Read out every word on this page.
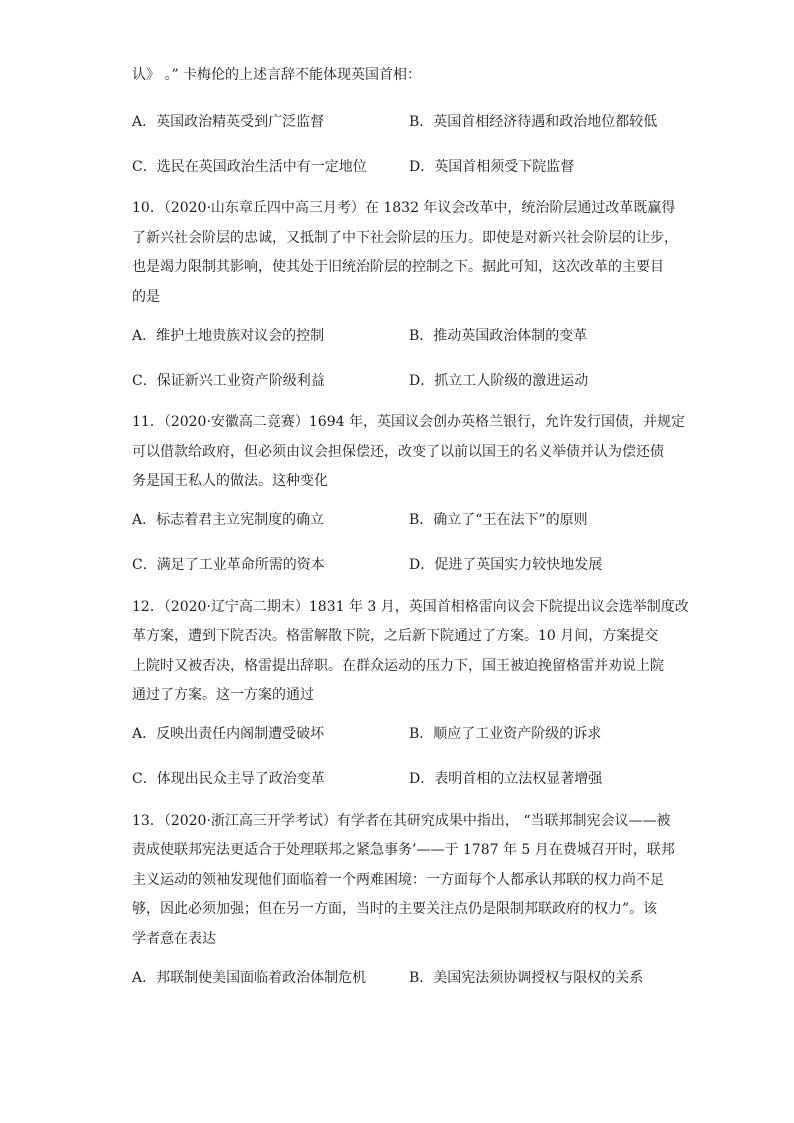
认》 。” 卡梅伦的上述言辞不能体现英国首相：

A．英国政治精英受到广泛监督	B．英国首相经济待遇和政治地位都较低
C．选民在英国政治生活中有一定地位	D．英国首相须受下院监督

10．（2020·山东章丘四中高三月考）在 1832 年议会改革中，统治阶层通过改革既赢得

了新兴社会阶层的忠诚，又抵制了中下社会阶层的压力。即使是对新兴社会阶层的让步，

也是竭力限制其影响，使其处于旧统治阶层的控制之下。据此可知，这次改革的主要目

的是

A．维护土地贵族对议会的控制	B．推动英国政治体制的变革
C．保证新兴工业资产阶级利益	D．抓立工人阶级的激进运动

11．（2020·安徽高二竞赛）1694 年，英国议会创办英格兰银行，允许发行国债，并规定

可以借款给政府，但必须由议会担保偿还，改变了以前以国王的名义举债并认为偿还债

务是国王私人的做法。这种变化

A．标志着君主立宪制度的确立	B．确立了“王在法下”的原则
C．满足了工业革命所需的资本	D．促进了英国实力较快地发展

12．（2020·辽宁高二期末）1831 年 3 月，英国首相格雷向议会下院提出议会选举制度改

革方案，遭到下院否决。格雷解散下院，之后新下院通过了方案。10 月间，方案提交

上院时又被否决，格雷提出辞职。在群众运动的压力下，国王被迫挽留格雷并劝说上院

通过了方案。这一方案的通过

A．反映出责任内阁制遭受破坏	B．顺应了工业资产阶级的诉求
C．体现出民众主导了政治变革	D．表明首相的立法权显著增强

13．（2020·浙江高三开学考试）有学者在其研究成果中指出， “当联邦制宪会议——被

责成使联邦宪法更适合于处理联邦之紧急事务’——于 1787 年 5 月在费城召开时，联邦

主义运动的领袖发现他们面临着一个两难困境：一方面每个人都承认邦联的权力尚不足

够，因此必须加强；但在另一方面，当时的主要关注点仍是限制邦联政府的权力”。该

学者意在表达

A．邦联制使美国面临着政治体制危机	B．美国宪法须协调授权与限权的关系
